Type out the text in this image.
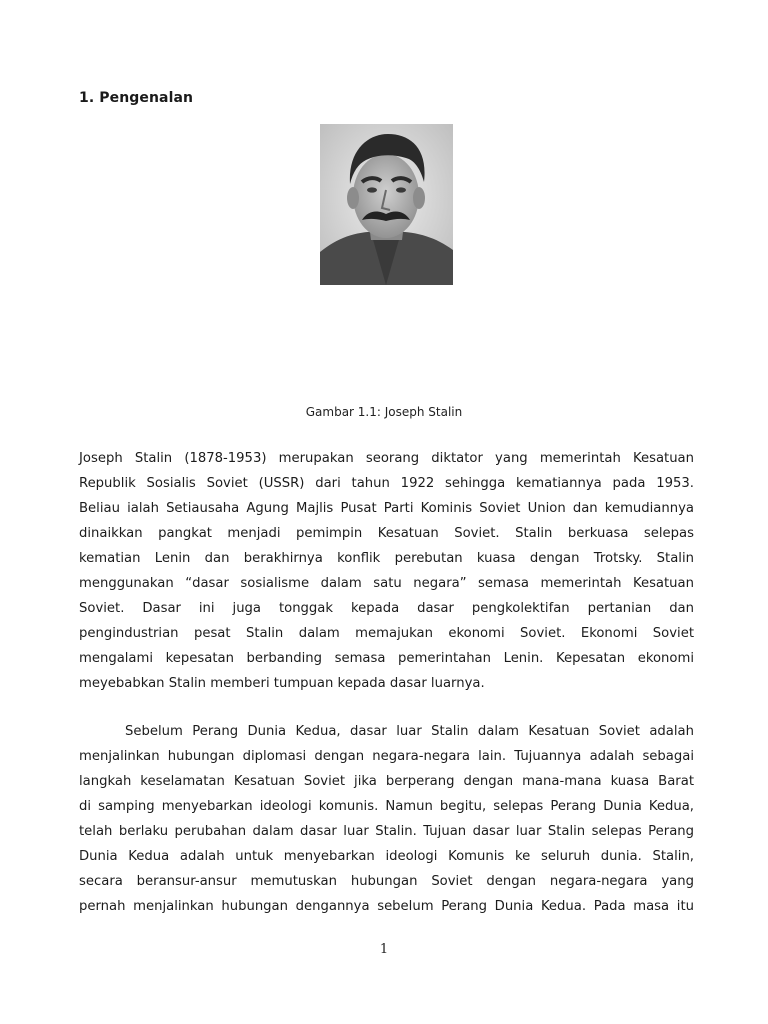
1. Pengenalan
Gambar 1.1: Joseph Stalin
Joseph Stalin (1878-1953) merupakan seorang diktator yang memerintah Kesatuan
Republik Sosialis Soviet (USSR) dari tahun 1922 sehingga kematiannya pada 1953.
Beliau ialah Setiausaha Agung Majlis Pusat Parti Kominis Soviet Union dan kemudiannya
dinaikkan pangkat menjadi pemimpin Kesatuan Soviet. Stalin berkuasa selepas
kematian Lenin dan berakhirnya konflik perebutan kuasa dengan Trotsky. Stalin
menggunakan “dasar sosialisme dalam satu negara” semasa memerintah Kesatuan
Soviet. Dasar ini juga tonggak kepada dasar pengkolektifan pertanian dan
pengindustrian pesat Stalin dalam memajukan ekonomi Soviet. Ekonomi Soviet
mengalami kepesatan berbanding semasa pemerintahan Lenin. Kepesatan ekonomi
meyebabkan Stalin memberi tumpuan kepada dasar luarnya.
Sebelum Perang Dunia Kedua, dasar luar Stalin dalam Kesatuan Soviet adalah
menjalinkan hubungan diplomasi dengan negara-negara lain. Tujuannya adalah sebagai
langkah keselamatan Kesatuan Soviet jika berperang dengan mana-mana kuasa Barat
di samping menyebarkan ideologi komunis. Namun begitu, selepas Perang Dunia Kedua,
telah berlaku perubahan dalam dasar luar Stalin. Tujuan dasar luar Stalin selepas Perang
Dunia Kedua adalah untuk menyebarkan ideologi Komunis ke seluruh dunia. Stalin,
secara beransur-ansur memutuskan hubungan Soviet dengan negara-negara yang
pernah menjalinkan hubungan dengannya sebelum Perang Dunia Kedua. Pada masa itu
1
